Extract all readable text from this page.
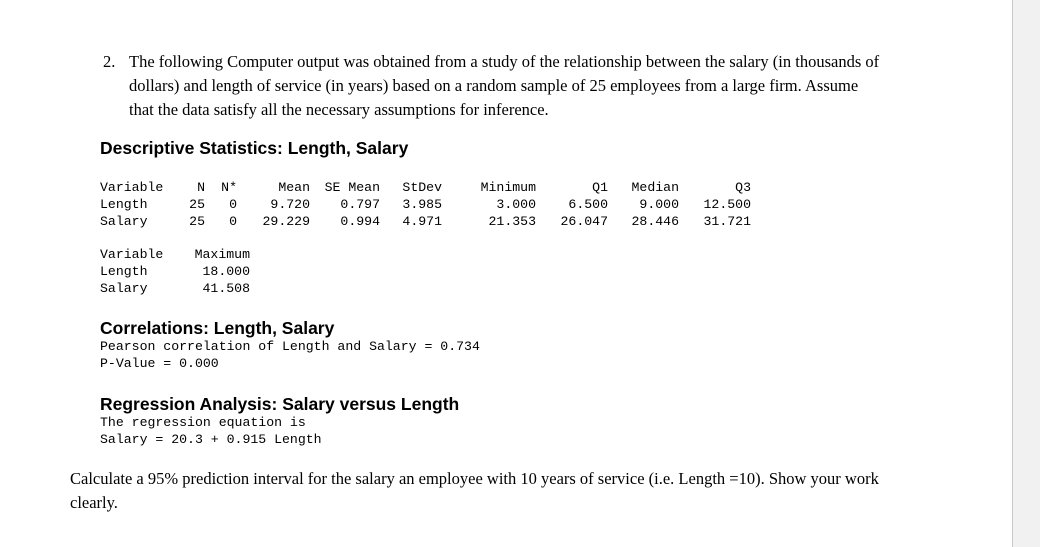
2. The following Computer output was obtained from a study of the relationship between the salary (in thousands of
dollars) and length of service (in years) based on a random sample of 25 employees from a large firm. Assume
that the data satisfy all the necessary assumptions for inference.
Descriptive Statistics: Length, Salary
Variable	N	N*	Mean	SE Mean	StDev	Minimum	Q1	Median	Q3
Length	25	0	9.720	0.797	3.985	3.000	6.500	9.000	12.500
Salary	25	0	29.229	0.994	4.971	21.353	26.047	28.446	31.721
Variable	Maximum
Length	18.000
Salary	41.508
Correlations: Length, Salary
Pearson correlation of Length and Salary = 0.734
P-Value = 0.000
Regression Analysis: Salary versus Length
The regression equation is
Salary = 20.3 + 0.915 Length
Calculate a 95% prediction interval for the salary an employee with 10 years of service (i.e. Length =10). Show your work
clearly.
